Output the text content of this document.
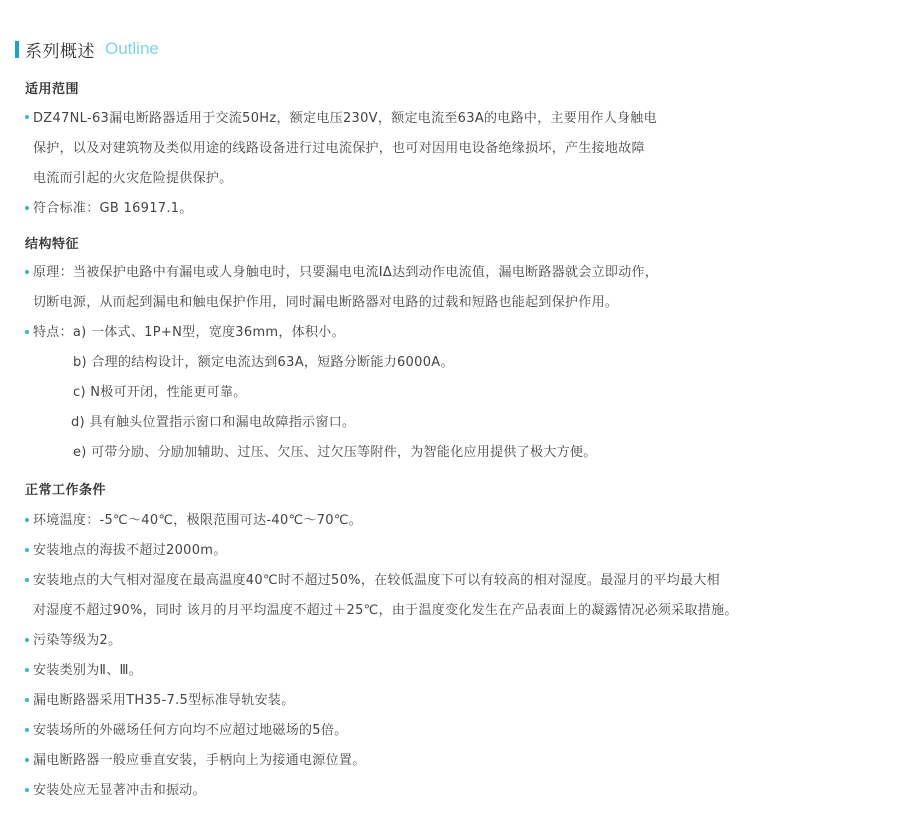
系列概述 Outline
适用范围
DZ47NL-63漏电断路器适用于交流50Hz，额定电压230V，额定电流至63A的电路中，主要用作人身触电
保护，以及对建筑物及类似用途的线路设备进行过电流保护，也可对因用电设备绝缘损坏，产生接地故障
电流而引起的火灾危险提供保护。
符合标准：GB 16917.1。
结构特征
原理：当被保护电路中有漏电或人身触电时，只要漏电电流IΔ达到动作电流值，漏电断路器就会立即动作，
切断电源，从而起到漏电和触电保护作用，同时漏电断路器对电路的过载和短路也能起到保护作用。
特点：a) 一体式、1P+N型，宽度36mm，体积小。
b) 合理的结构设计，额定电流达到63A，短路分断能力6000A。
c) N极可开闭，性能更可靠。
d) 具有触头位置指示窗口和漏电故障指示窗口。
e) 可带分励、分励加辅助、过压、欠压、过欠压等附件，为智能化应用提供了极大方便。
正常工作条件
环境温度：-5℃～40℃，极限范围可达-40℃～70℃。
安装地点的海拔不超过2000m。
安装地点的大气相对湿度在最高温度40℃时不超过50%，在较低温度下可以有较高的相对湿度。最湿月的平均最大相
对湿度不超过90%，同时 该月的月平均温度不超过＋25℃，由于温度变化发生在产品表面上的凝露情况必须采取措施。
污染等级为2。
安装类别为Ⅱ、Ⅲ。
漏电断路器采用TH35-7.5型标准导轨安装。
安装场所的外磁场任何方向均不应超过地磁场的5倍。
漏电断路器一般应垂直安装，手柄向上为接通电源位置。
安装处应无显著冲击和振动。
